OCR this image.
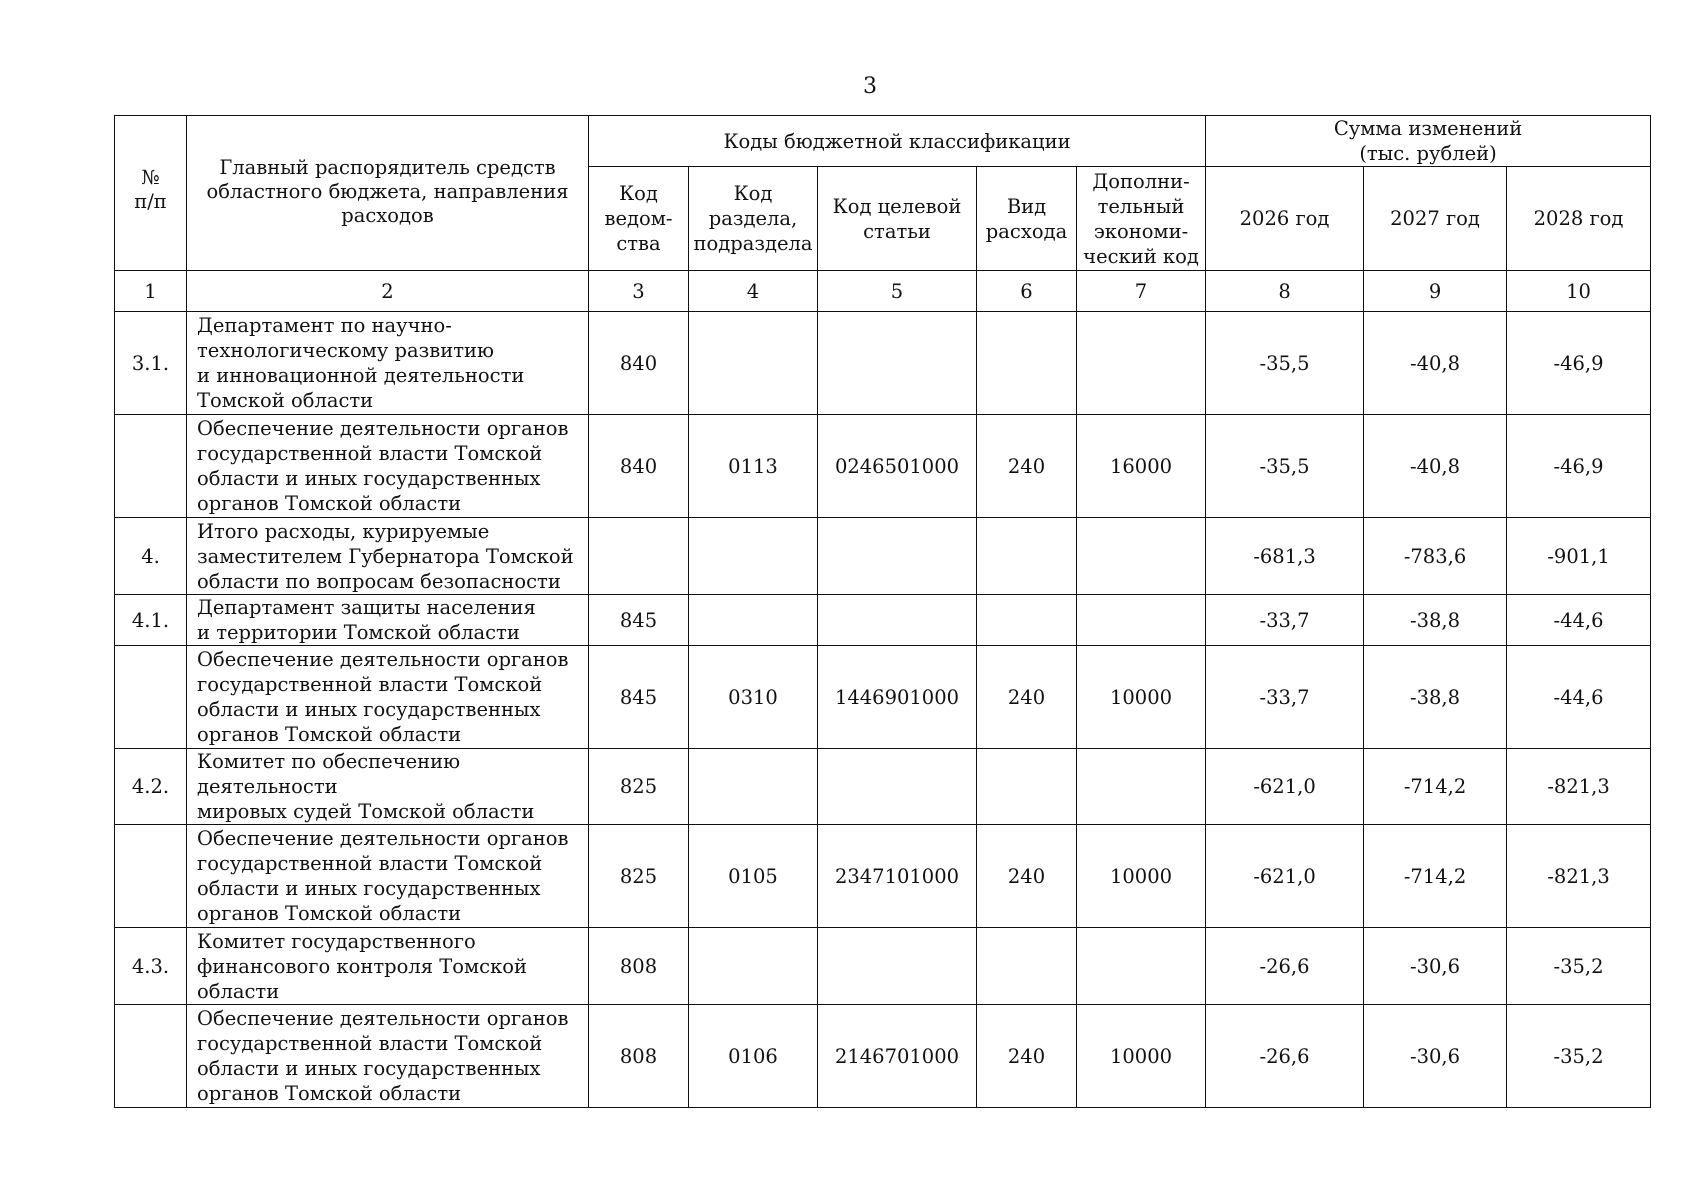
3
№
п/п	Главный распорядитель средств
областного бюджета, направления
расходов	Коды бюджетной классификации					Сумма изменений
(тыс. рублей)		
		Код
ведом-
ства	Код
раздела,
подраздела	Код целевой
статьи	Вид
расхода	Дополни-
тельный
экономи-
ческий код	2026 год	2027 год	2028 год
1	2	3	4	5	6	7	8	9	10
3.1.	Департамент по научно-
технологическому развитию
и инновационной деятельности
Томской области	840					-35,5	-40,8	-46,9
	Обеспечение деятельности органов
государственной власти Томской
области и иных государственных
органов Томской области	840	0113	0246501000	240	16000	-35,5	-40,8	-46,9
4.	Итого расходы, курируемые
заместителем Губернатора Томской
области по вопросам безопасности						-681,3	-783,6	-901,1
4.1.	Департамент защиты населения
и территории Томской области	845					-33,7	-38,8	-44,6
	Обеспечение деятельности органов
государственной власти Томской
области и иных государственных
органов Томской области	845	0310	1446901000	240	10000	-33,7	-38,8	-44,6
4.2.	Комитет по обеспечению деятельности
мировых судей Томской области	825					-621,0	-714,2	-821,3
	Обеспечение деятельности органов
государственной власти Томской
области и иных государственных
органов Томской области	825	0105	2347101000	240	10000	-621,0	-714,2	-821,3
4.3.	Комитет государственного
финансового контроля Томской
области	808					-26,6	-30,6	-35,2
	Обеспечение деятельности органов
государственной власти Томской
области и иных государственных
органов Томской области	808	0106	2146701000	240	10000	-26,6	-30,6	-35,2
